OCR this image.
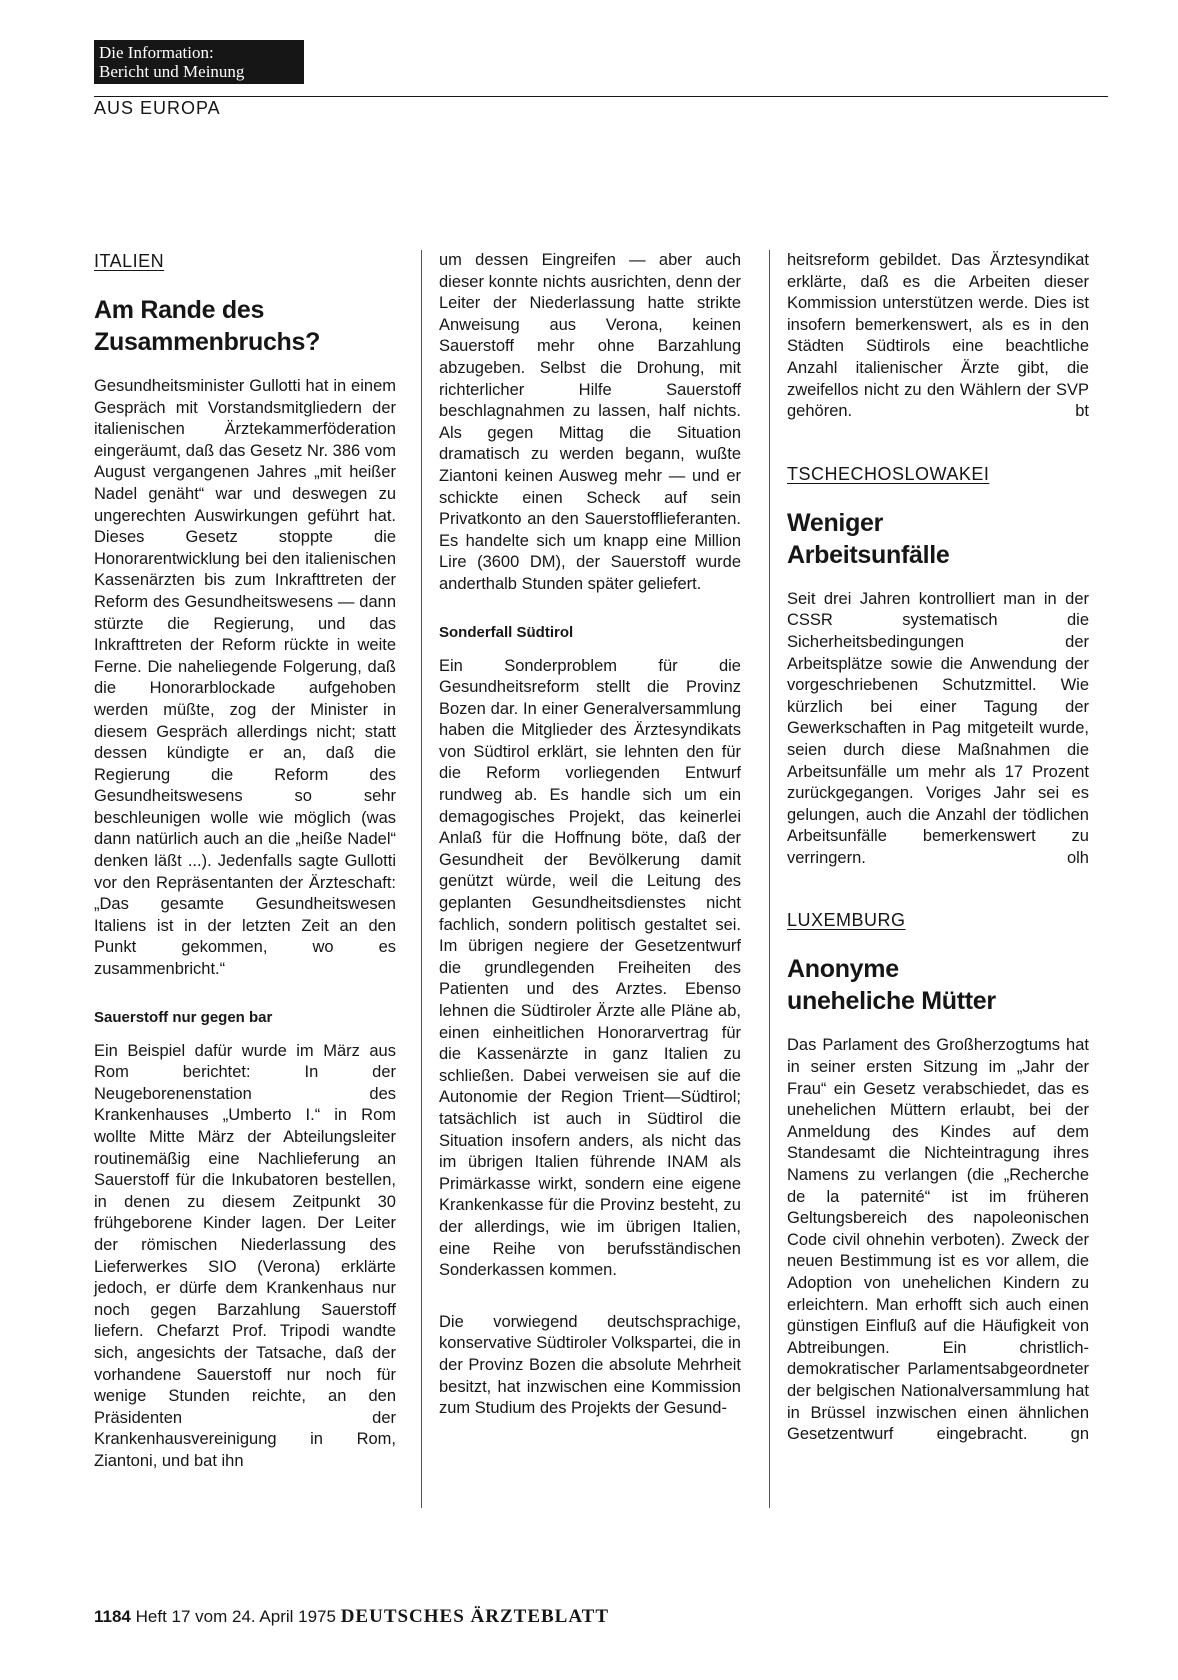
Die Information:
Bericht und Meinung
AUS EUROPA
ITALIEN
Am Rande des
Zusammenbruchs?

Gesundheitsminister Gullotti hat in einem Gespräch mit Vorstandsmitgliedern der italienischen Ärztekammerföderation eingeräumt, daß das Gesetz Nr. 386 vom August vergangenen Jahres „mit heißer Nadel genäht“ war und deswegen zu ungerechten Auswirkungen geführt hat. Dieses Gesetz stoppte die Honorarentwicklung bei den italienischen Kassenärzten bis zum Inkrafttreten der Reform des Gesundheitswesens — dann stürzte die Regierung, und das Inkrafttreten der Reform rückte in weite Ferne. Die naheliegende Folgerung, daß die Honorarblockade aufgehoben werden müßte, zog der Minister in diesem Gespräch allerdings nicht; statt dessen kündigte er an, daß die Regierung die Reform des Gesundheitswesens so sehr beschleunigen wolle wie möglich (was dann natürlich auch an die „heiße Nadel“ denken läßt ...). Jedenfalls sagte Gullotti vor den Repräsentanten der Ärzteschaft: „Das gesamte Gesundheitswesen Italiens ist in der letzten Zeit an den Punkt gekommen, wo es zusammenbricht.“

Sauerstoff nur gegen bar

Ein Beispiel dafür wurde im März aus Rom berichtet: In der Neugeborenenstation des Krankenhauses „Umberto I.“ in Rom wollte Mitte März der Abteilungsleiter routinemäßig eine Nachlieferung an Sauerstoff für die Inkubatoren bestellen, in denen zu diesem Zeitpunkt 30 frühgeborene Kinder lagen. Der Leiter der römischen Niederlassung des Lieferwerkes SIO (Verona) erklärte jedoch, er dürfe dem Krankenhaus nur noch gegen Barzahlung Sauerstoff liefern. Chefarzt Prof. Tripodi wandte sich, angesichts der Tatsache, daß der vorhandene Sauerstoff nur noch für wenige Stunden reichte, an den Präsidenten der Krankenhausvereinigung in Rom, Ziantoni, und bat ihn

um dessen Eingreifen — aber auch dieser konnte nichts ausrichten, denn der Leiter der Niederlassung hatte strikte Anweisung aus Verona, keinen Sauerstoff mehr ohne Barzahlung abzugeben. Selbst die Drohung, mit richterlicher Hilfe Sauerstoff beschlagnahmen zu lassen, half nichts. Als gegen Mittag die Situation dramatisch zu werden begann, wußte Ziantoni keinen Ausweg mehr — und er schickte einen Scheck auf sein Privatkonto an den Sauerstofflieferanten. Es handelte sich um knapp eine Million Lire (3600 DM), der Sauerstoff wurde anderthalb Stunden später geliefert.

Sonderfall Südtirol

Ein Sonderproblem für die Gesundheitsreform stellt die Provinz Bozen dar. In einer Generalversammlung haben die Mitglieder des Ärztesyndikats von Südtirol erklärt, sie lehnten den für die Reform vorliegenden Entwurf rundweg ab. Es handle sich um ein demagogisches Projekt, das keinerlei Anlaß für die Hoffnung böte, daß der Gesundheit der Bevölkerung damit genützt würde, weil die Leitung des geplanten Gesundheitsdienstes nicht fachlich, sondern politisch gestaltet sei. Im übrigen negiere der Gesetzentwurf die grundlegenden Freiheiten des Patienten und des Arztes. Ebenso lehnen die Südtiroler Ärzte alle Pläne ab, einen einheitlichen Honorarvertrag für die Kassenärzte in ganz Italien zu schließen. Dabei verweisen sie auf die Autonomie der Region Trient—Südtirol; tatsächlich ist auch in Südtirol die Situation insofern anders, als nicht das im übrigen Italien führende INAM als Primärkasse wirkt, sondern eine eigene Krankenkasse für die Provinz besteht, zu der allerdings, wie im übrigen Italien, eine Reihe von berufsständischen Sonderkassen kommen.

Die vorwiegend deutschsprachige, konservative Südtiroler Volkspartei, die in der Provinz Bozen die absolute Mehrheit besitzt, hat inzwischen eine Kommission zum Studium des Projekts der Gesund-

heitsreform gebildet. Das Ärztesyndikat erklärte, daß es die Arbeiten dieser Kommission unterstützen werde. Dies ist insofern bemerkenswert, als es in den Städten Südtirols eine beachtliche Anzahl italienischer Ärzte gibt, die zweifellos nicht zu den Wählern der SVP gehören.	bt

TSCHECHOSLOWAKEI
Weniger
Arbeitsunfälle

Seit drei Jahren kontrolliert man in der CSSR systematisch die Sicherheitsbedingungen der Arbeitsplätze sowie die Anwendung der vorgeschriebenen Schutzmittel. Wie kürzlich bei einer Tagung der Gewerkschaften in Pag mitgeteilt wurde, seien durch diese Maßnahmen die Arbeitsunfälle um mehr als 17 Prozent zurückgegangen. Voriges Jahr sei es gelungen, auch die Anzahl der tödlichen Arbeitsunfälle bemerkenswert zu verringern.	olh

LUXEMBURG
Anonyme
uneheliche Mütter

Das Parlament des Großherzogtums hat in seiner ersten Sitzung im „Jahr der Frau“ ein Gesetz verabschiedet, das es unehelichen Müttern erlaubt, bei der Anmeldung des Kindes auf dem Standesamt die Nichteintragung ihres Namens zu verlangen (die „Recherche de la paternité“ ist im früheren Geltungsbereich des napoleonischen Code civil ohnehin verboten). Zweck der neuen Bestimmung ist es vor allem, die Adoption von unehelichen Kindern zu erleichtern. Man erhofft sich auch einen günstigen Einfluß auf die Häufigkeit von Abtreibungen. Ein christlich-demokratischer Parlamentsabgeordneter der belgischen Nationalversammlung hat in Brüssel inzwischen einen ähnlichen Gesetzentwurf eingebracht.	gn

1184 Heft 17 vom 24. April 1975 DEUTSCHES ÄRZTEBLATT
